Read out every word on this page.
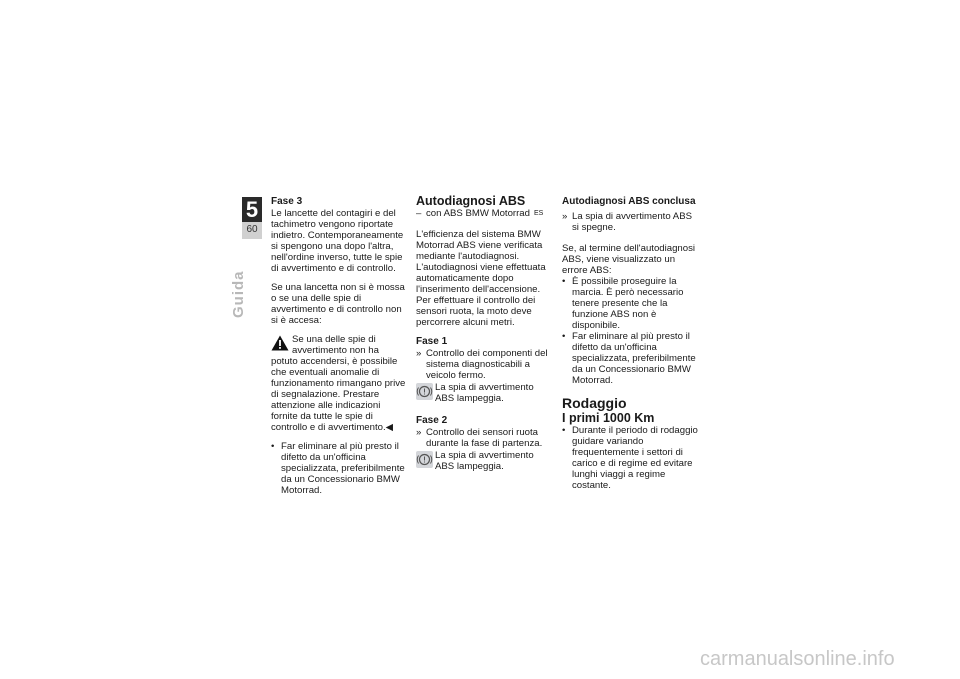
5
60
Guida
Fase 3

Le lancette del contagiri e del tachimetro vengono riportate indietro. Contemporaneamente si spengono una dopo l'altra, nell'ordine inverso, tutte le spie di avvertimento e di controllo.

Se una lancetta non si è mossa o se una delle spie di avvertimento e di controllo non si è accesa:

Se una delle spie di avvertimento non ha potuto accendersi, è possibile che eventuali anomalie di funzionamento rimangano prive di segnalazione. Prestare attenzione alle indicazioni fornite da tutte le spie di controllo e di avvertimento.◀
• Far eliminare al più presto il difetto da un'officina specializzata, preferibilmente da un Concessionario BMW Motorrad.
Autodiagnosi ABS
– con ABS BMW Motorrad $^{ES}$

L'efficienza del sistema BMW Motorrad ABS viene verificata mediante l'autodiagnosi. L'autodiagnosi viene effettuata automaticamente dopo l'inserimento dell'accensione. Per effettuare il controllo dei sensori ruota, la moto deve percorrere alcuni metri.

Fase 1
» Controllo dei componenti del sistema diagnosticabili a veicolo fermo.
La spia di avvertimento ABS lampeggia.
Fase 2
» Controllo dei sensori ruota durante la fase di partenza.
La spia di avvertimento ABS lampeggia.
Autodiagnosi ABS conclusa
» La spia di avvertimento ABS si spegne.

Se, al termine dell'autodiagnosi ABS, viene visualizzato un errore ABS:

• È possibile proseguire la marcia. È però necessario tenere presente che la funzione ABS non è disponibile.
• Far eliminare al più presto il difetto da un'officina specializzata, preferibilmente da un Concessionario BMW Motorrad.
Rodaggio
I primi 1000 Km
• Durante il periodo di rodaggio guidare variando frequentemente i settori di carico e di regime ed evitare lunghi viaggi a regime costante.
carmanualsonline.info
